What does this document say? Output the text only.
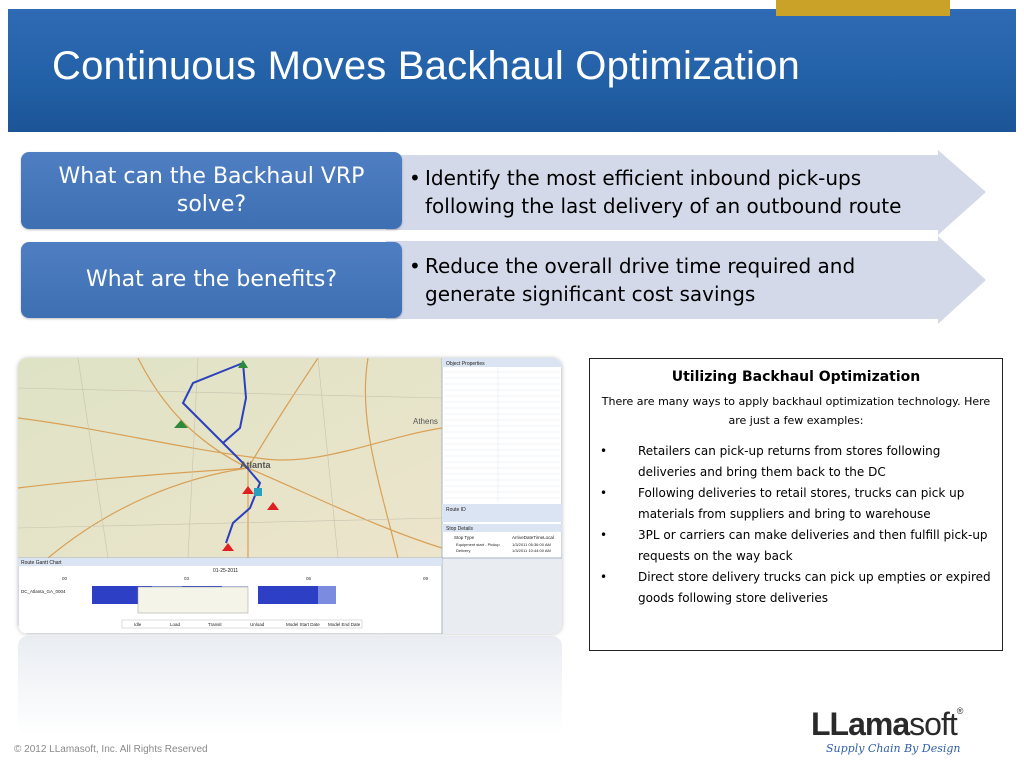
Continuous Moves Backhaul Optimization
What can the Backhaul VRP solve?
• Identify the most efficient inbound pick-ups following the last delivery of an outbound route
What are the benefits?
• Reduce the overall drive time required and generate significant cost savings
Atlanta
Athens
Object Properties
Route ID
Stop Details
Stop Type	ArriveDateTimeLocal
Equipment start - Pickup	1/3/2011 05:36:00 AM
Delivery	1/3/2011 10:44:00 AM
Route Gantt Chart
01-25-2011
00	03	06	09
DC_Atlanta_GA_0004
Idle	Load	Transit	Unload	Model Start Date Model End Date
Utilizing Backhaul Optimization
There are many ways to apply backhaul optimization technology. Here are just a few examples:
•	Retailers can pick-up returns from stores following deliveries and bring them back to the DC
•	Following deliveries to retail stores, trucks can pick up materials from suppliers and bring to warehouse
•	3PL or carriers can make deliveries and then fulfill pick-up requests on the way back
•	Direct store delivery trucks can pick up empties or expired goods following store deliveries
© 2012 LLamasoft, Inc. All Rights Reserved
LLamasoft®
Supply Chain By Design
